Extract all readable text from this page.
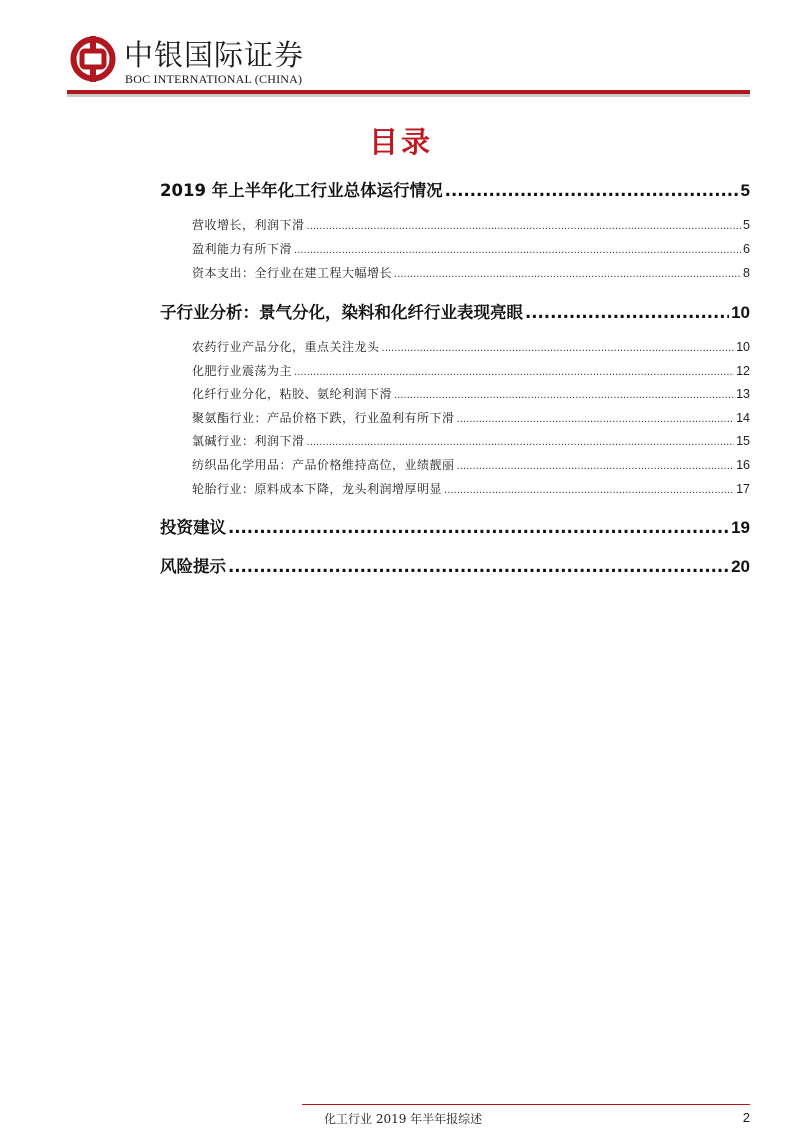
中银国际证券
BOC INTERNATIONAL (CHINA)
目录
2019 年上半年化工行业总体运行情况 .....	5
营收增长，利润下滑 .....	5
盈利能力有所下滑 .....	6
资本支出：全行业在建工程大幅增长 .....	8
子行业分析：景气分化，染料和化纤行业表现亮眼 .....	10
农药行业产品分化，重点关注龙头 .....	10
化肥行业震荡为主 .....	12
化纤行业分化，粘胶、氨纶利润下滑 .....	13
聚氨酯行业：产品价格下跌，行业盈利有所下滑 .....	14
氯碱行业：利润下滑 .....	15
纺织品化学用品：产品价格维持高位，业绩靓丽 .....	16
轮胎行业：原料成本下降，龙头利润增厚明显 .....	17
投资建议 .....	19
风险提示 .....	20
化工行业 2019 年半年报综述	2
